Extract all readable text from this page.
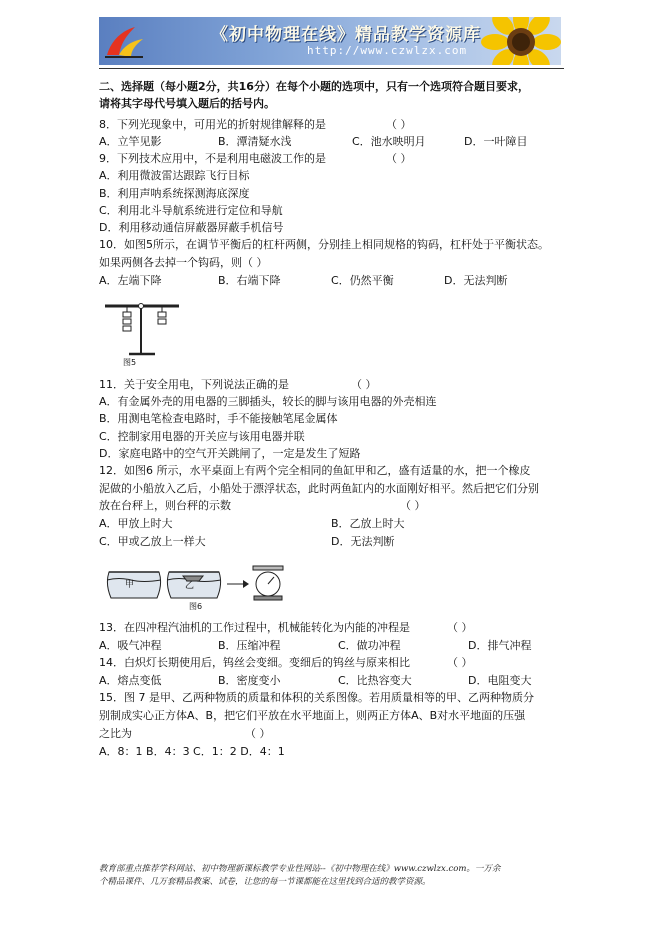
《初中物理在线》精品教学资源库
http://www.czwlzx.com
二、选择题（每小题2分，共16分）在每个小题的选项中，只有一个选项符合题目要求，
请将其字母代号填入题后的括号内。
8．下列光现象中，可用光的折射规律解释的是	（ ）
A．立竿见影	B．潭清疑水浅	C．池水映明月	D．一叶障目
9．下列技术应用中，不是利用电磁波工作的是	（ ）
A．利用微波雷达跟踪飞行目标
B．利用声呐系统探测海底深度
C．利用北斗导航系统进行定位和导航
D．利用移动通信屏蔽器屏蔽手机信号
10．如图5所示，在调节平衡后的杠杆两侧，分别挂上相同规格的钩码，杠杆处于平衡状态。
如果两侧各去掉一个钩码，则（ ）
A．左端下降	B．右端下降	C．仍然平衡	D．无法判断
图5
11．关于安全用电，下列说法正确的是	（ ）
A．有金属外壳的用电器的三脚插头，较长的脚与该用电器的外壳相连
B．用测电笔检查电路时，手不能接触笔尾金属体
C．控制家用电器的开关应与该用电器并联
D．家庭电路中的空气开关跳闸了，一定是发生了短路
12．如图6 所示，水平桌面上有两个完全相同的鱼缸甲和乙，盛有适量的水，把一个橡皮
泥做的小船放入乙后，小船处于漂浮状态，此时两鱼缸内的水面刚好相平。然后把它们分别
放在台秤上，则台秤的示数	（ ）
A．甲放上时大	B．乙放上时大
C．甲或乙放上一样大	D．无法判断
甲	乙
图6
13．在四冲程汽油机的工作过程中，机械能转化为内能的冲程是	（ ）
A．吸气冲程	B．压缩冲程	C．做功冲程	D．排气冲程
14．白炽灯长期使用后，钨丝会变细。变细后的钨丝与原来相比	（ ）
A．熔点变低	B．密度变小	C．比热容变大	D．电阻变大
15．图 7 是甲、乙两种物质的质量和体积的关系图像。若用质量相等的甲、乙两种物质分
别制成实心正方体A、B，把它们平放在水平地面上，则两正方体A、B对水平地面的压强
之比为	（ ）
A．8：1 B．4：3 C．1：2 D．4：1
教育部重点推荐学科网站、初中物理新课标教学专业性网站--《初中物理在线》www.czwlzx.com。一万余
个精品课件、几万套精品教案、试卷，让您的每一节课都能在这里找到合适的教学资源。
